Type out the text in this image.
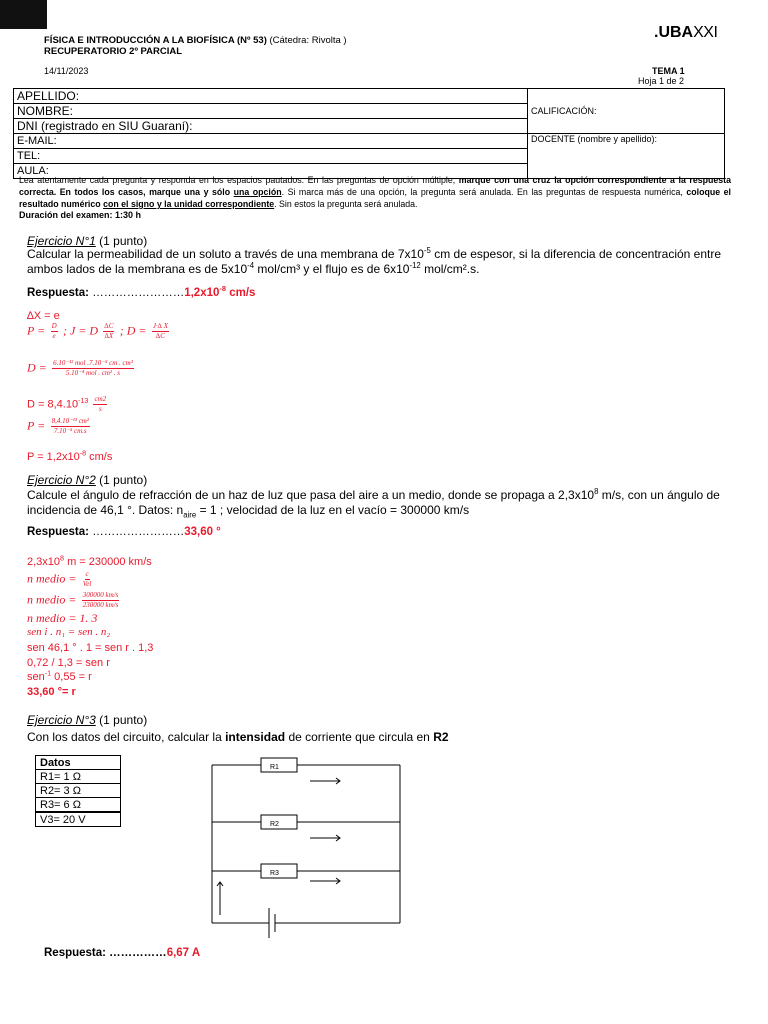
FÍSICA E INTRODUCCIÓN A LA BIOFÍSICA (Nº 53) (Cátedra: Rivolta )
RECUPERATORIO 2º PARCIAL
.UBAXXI
14/11/2023	TEMA 1
Hoja 1 de 2
APELLIDO:	CALIFICACIÓN:
NOMBRE:	
DNI (registrado en SIU Guaraní):	
E-MAIL:	DOCENTE (nombre y apellido):
TEL:	
AULA:	
Lea atentamente cada pregunta y responda en los espacios pautados. En las preguntas de opción múltiple, marque con una cruz la opción correspondiente a la respuesta correcta. En todos los casos, marque una y sólo una opción. Si marca más de una opción, la pregunta será anulada. En las preguntas de respuesta numérica, coloque el resultado numérico con el signo y la unidad correspondiente. Sin estos la pregunta será anulada.
Duración del examen: 1:30 h
Ejercicio N°1 (1 punto)
Calcular la permeabilidad de un soluto a través de una membrana de $7x10^{-5}$ cm de espesor, si la diferencia de concentración entre ambos lados de la membrana es de $5x10^{-4}$ mol/cm³ y el flujo es de $6x10^{-12}$ mol/cm².s.
Respuesta: $\dots\dots\dots\dots\dots\dots\dots\dots 1,2x10^{-8}$ cm/s
∆X = e
$P = \frac{D}{e}$ ; J = D $\frac{\Delta C}{\Delta X}$ ; $D = \frac{J\cdot\Delta X}{\Delta C}$
$D = \frac{\text{6.10⁻¹² mol .7.10⁻⁵ cm . cm³}}{\text{5.10⁻⁴ mol . cm² . s}}$
$D = 8,4.10^{-13} \frac{cm2}{s}$
$P = \frac{\text{8,4.10⁻¹³ cm²}}{\text{7.10⁻⁵ cm.s}}$
$P = 1,2x10^{-8}$ cm/s
Ejercicio N°2 (1 punto)
Calcule el ángulo de refracción de un haz de luz que pasa del aire a un medio, donde se propaga a $2,3x10^8$ m/s, con un ángulo de incidencia de 46,1 °. Datos: $n_{aire} = 1$ ; velocidad de la luz en el vacío = 300000 km/s
Respuesta: ……………………33,60 °
$2,3x10^8$ m = 230000 km/s
n medio = $\frac{c}{\text{Vel}}$
n medio = $\frac{300000 km/s}{230000 km/s}$
n medio = 1. 3
sen i . n₁ = sen . n₂
sen 46,1 ° . 1 = sen r . 1,3
0,72 / 1,3 = sen r
sen$^{-1}$ 0,55 = r
33,60 °= r
Ejercicio N°3 (1 punto)
Con los datos del circuito, calcular la intensidad de corriente que circula en R2
Datos
R1= 1 Ω
R2= 3 Ω
R3= 6 Ω
V3= 20 V
R1
R2
R3
Respuesta: ……………6,67 A
